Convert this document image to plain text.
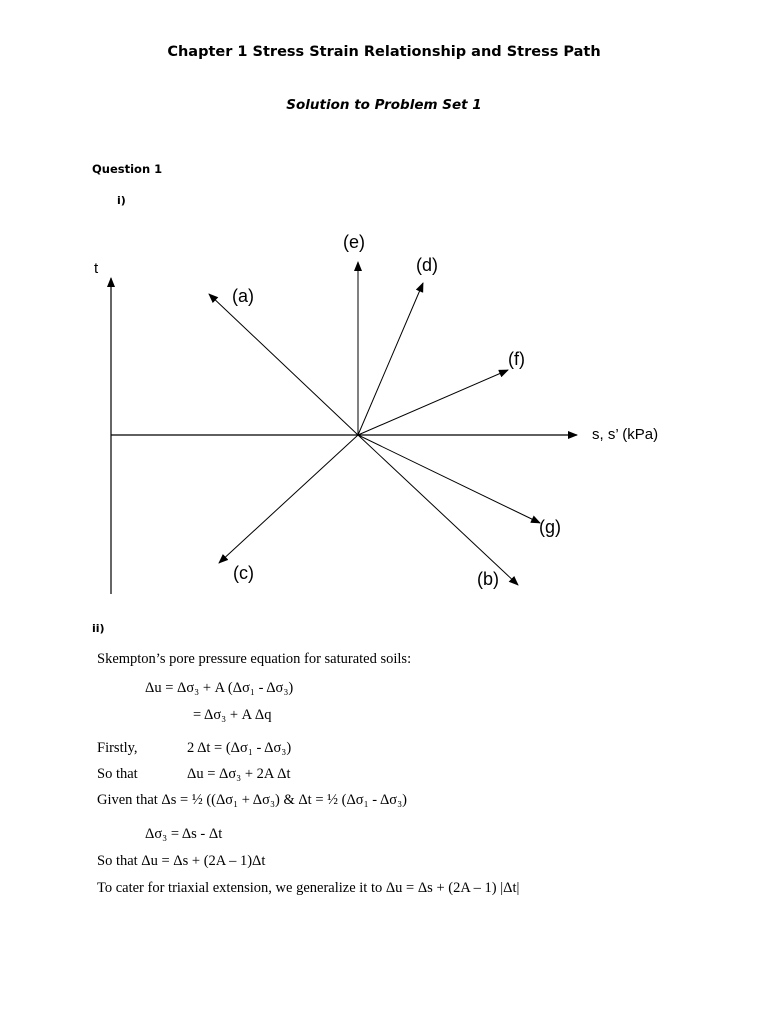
Chapter 1 Stress Strain Relationship and Stress Path
Solution to Problem Set 1
Question 1
i)
t
s, s’ (kPa)
(a)
(b)
(c)
(d)
(e)
(f)
(g)
ii)
Skempton’s pore pressure equation for saturated soils:
Δu = Δσ₃ + A (Δσ₁ - Δσ₃)
= Δσ₃ + A Δq
Firstly,	2 Δt = (Δσ₁ - Δσ₃)
So that	Δu = Δσ₃ + 2A Δt
Given that Δs = ½ ((Δσ₁ + Δσ₃) & Δt = ½ (Δσ₁ - Δσ₃)
Δσ₃ = Δs - Δt
So that Δu = Δs + (2A – 1)Δt
To cater for triaxial extension, we generalize it to Δu = Δs + (2A – 1) |Δt|
